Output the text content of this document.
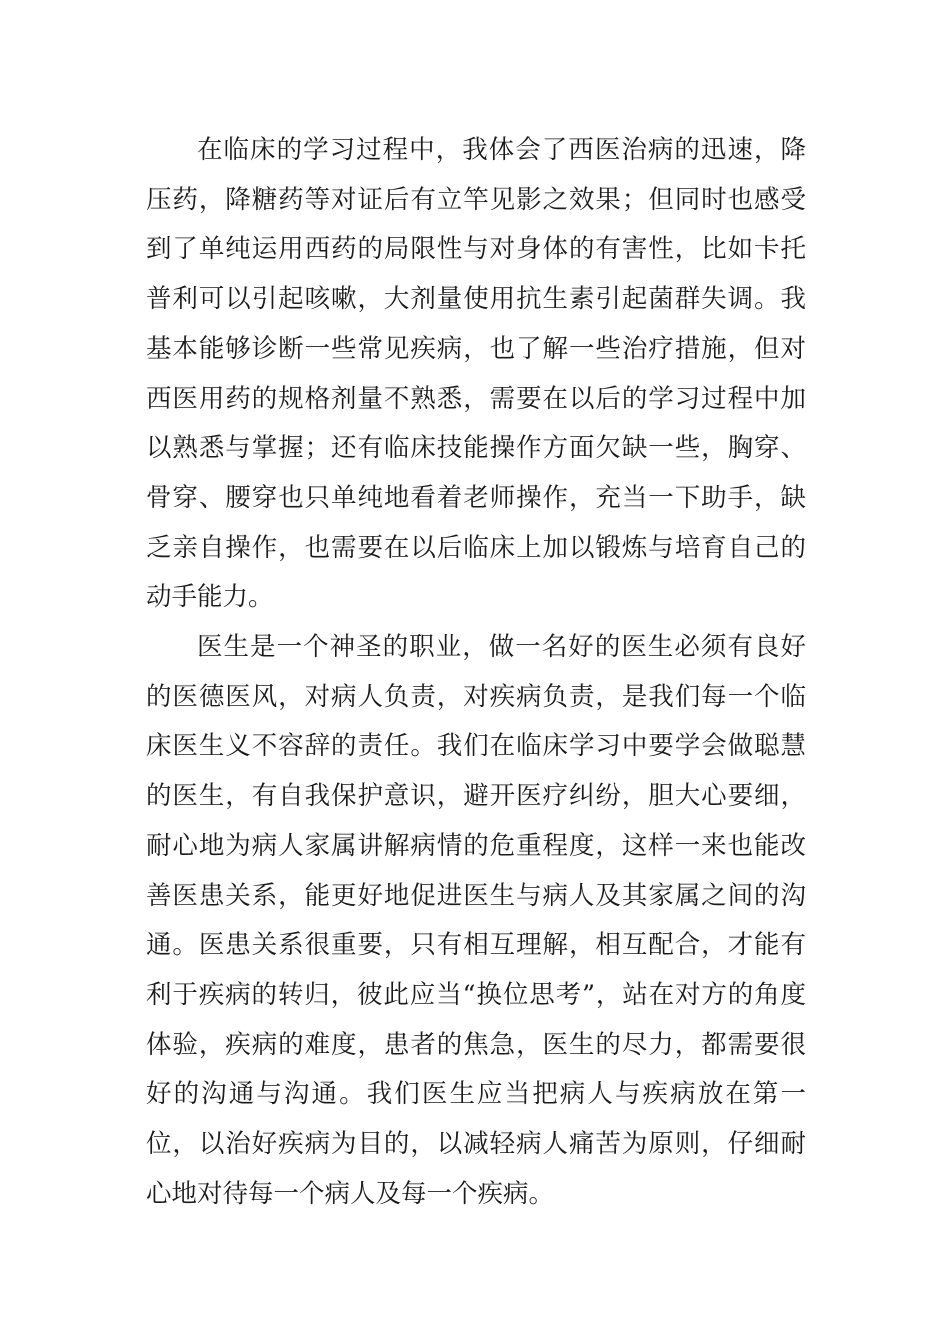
在临床的学习过程中，我体会了西医治病的迅速，降压药，降糖药等对证后有立竿见影之效果；但同时也感受到了单纯运用西药的局限性与对身体的有害性，比如卡托普利可以引起咳嗽，大剂量使用抗生素引起菌群失调。我基本能够诊断一些常见疾病，也了解一些治疗措施，但对西医用药的规格剂量不熟悉，需要在以后的学习过程中加以熟悉与掌握；还有临床技能操作方面欠缺一些，胸穿、骨穿、腰穿也只单纯地看着老师操作，充当一下助手，缺乏亲自操作，也需要在以后临床上加以锻炼与培育自己的动手能力。

医生是一个神圣的职业，做一名好的医生必须有良好的医德医风，对病人负责，对疾病负责，是我们每一个临床医生义不容辞的责任。我们在临床学习中要学会做聪慧的医生，有自我保护意识，避开医疗纠纷，胆大心要细，耐心地为病人家属讲解病情的危重程度，这样一来也能改善医患关系，能更好地促进医生与病人及其家属之间的沟通。医患关系很重要，只有相互理解，相互配合，才能有利于疾病的转归，彼此应当“换位思考”，站在对方的角度体验，疾病的难度，患者的焦急，医生的尽力，都需要很好的沟通与沟通。我们医生应当把病人与疾病放在第一位，以治好疾病为目的，以减轻病人痛苦为原则，仔细耐心地对待每一个病人及每一个疾病。
